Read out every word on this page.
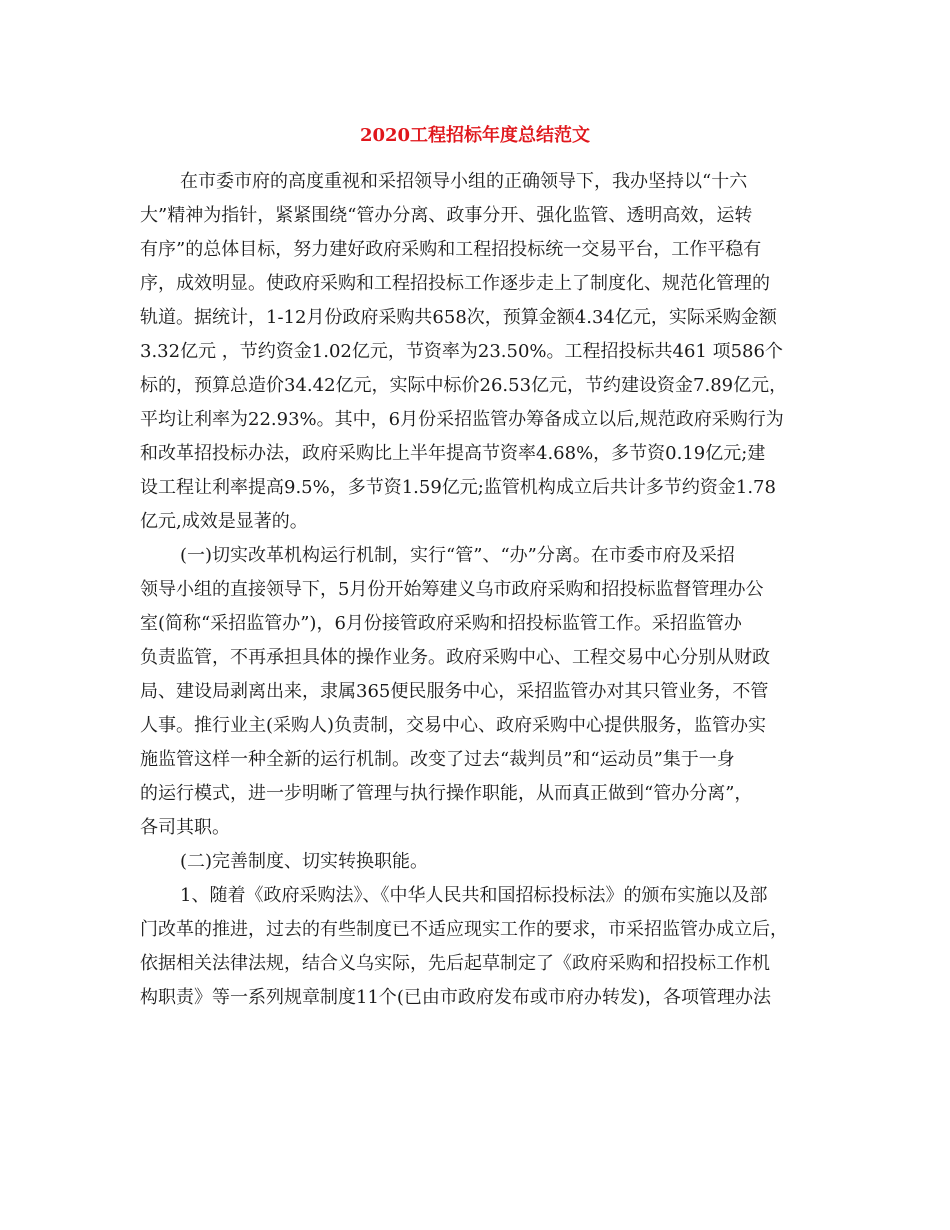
2020工程招标年度总结范文
在市委市府的高度重视和采招领导小组的正确领导下，我办坚持以“十六
大”精神为指针，紧紧围绕“管办分离、政事分开、强化监管、透明高效，运转
有序”的总体目标，努力建好政府采购和工程招投标统一交易平台，工作平稳有
序，成效明显。使政府采购和工程招投标工作逐步走上了制度化、规范化管理的
轨道。据统计，1-12月份政府采购共658次，预算金额4.34亿元，实际采购金额
3.32亿元 ，节约资金1.02亿元，节资率为23.50%。工程招投标共461 项586个
标的，预算总造价34.42亿元，实际中标价26.53亿元，节约建设资金7.89亿元，
平均让利率为22.93%。其中，6月份采招监管办筹备成立以后,规范政府采购行为
和改革招投标办法，政府采购比上半年提高节资率4.68%，多节资0.19亿元;建
设工程让利率提高9.5%，多节资1.59亿元;监管机构成立后共计多节约资金1.78
亿元,成效是显著的。
(一)切实改革机构运行机制，实行“管”、“办”分离。在市委市府及采招
领导小组的直接领导下，5月份开始筹建义乌市政府采购和招投标监督管理办公
室(简称“采招监管办”)，6月份接管政府采购和招投标监管工作。采招监管办
负责监管，不再承担具体的操作业务。政府采购中心、工程交易中心分别从财政
局、建设局剥离出来，隶属365便民服务中心，采招监管办对其只管业务，不管
人事。推行业主(采购人)负责制，交易中心、政府采购中心提供服务，监管办实
施监管这样一种全新的运行机制。改变了过去“裁判员”和“运动员”集于一身
的运行模式，进一步明晰了管理与执行操作职能，从而真正做到“管办分离”，
各司其职。
(二)完善制度、切实转换职能。
1、随着《政府采购法》、《中华人民共和国招标投标法》的颁布实施以及部
门改革的推进，过去的有些制度已不适应现实工作的要求，市采招监管办成立后，
依据相关法律法规，结合义乌实际，先后起草制定了《政府采购和招投标工作机
构职责》等一系列规章制度11个(已由市政府发布或市府办转发)，各项管理办法
